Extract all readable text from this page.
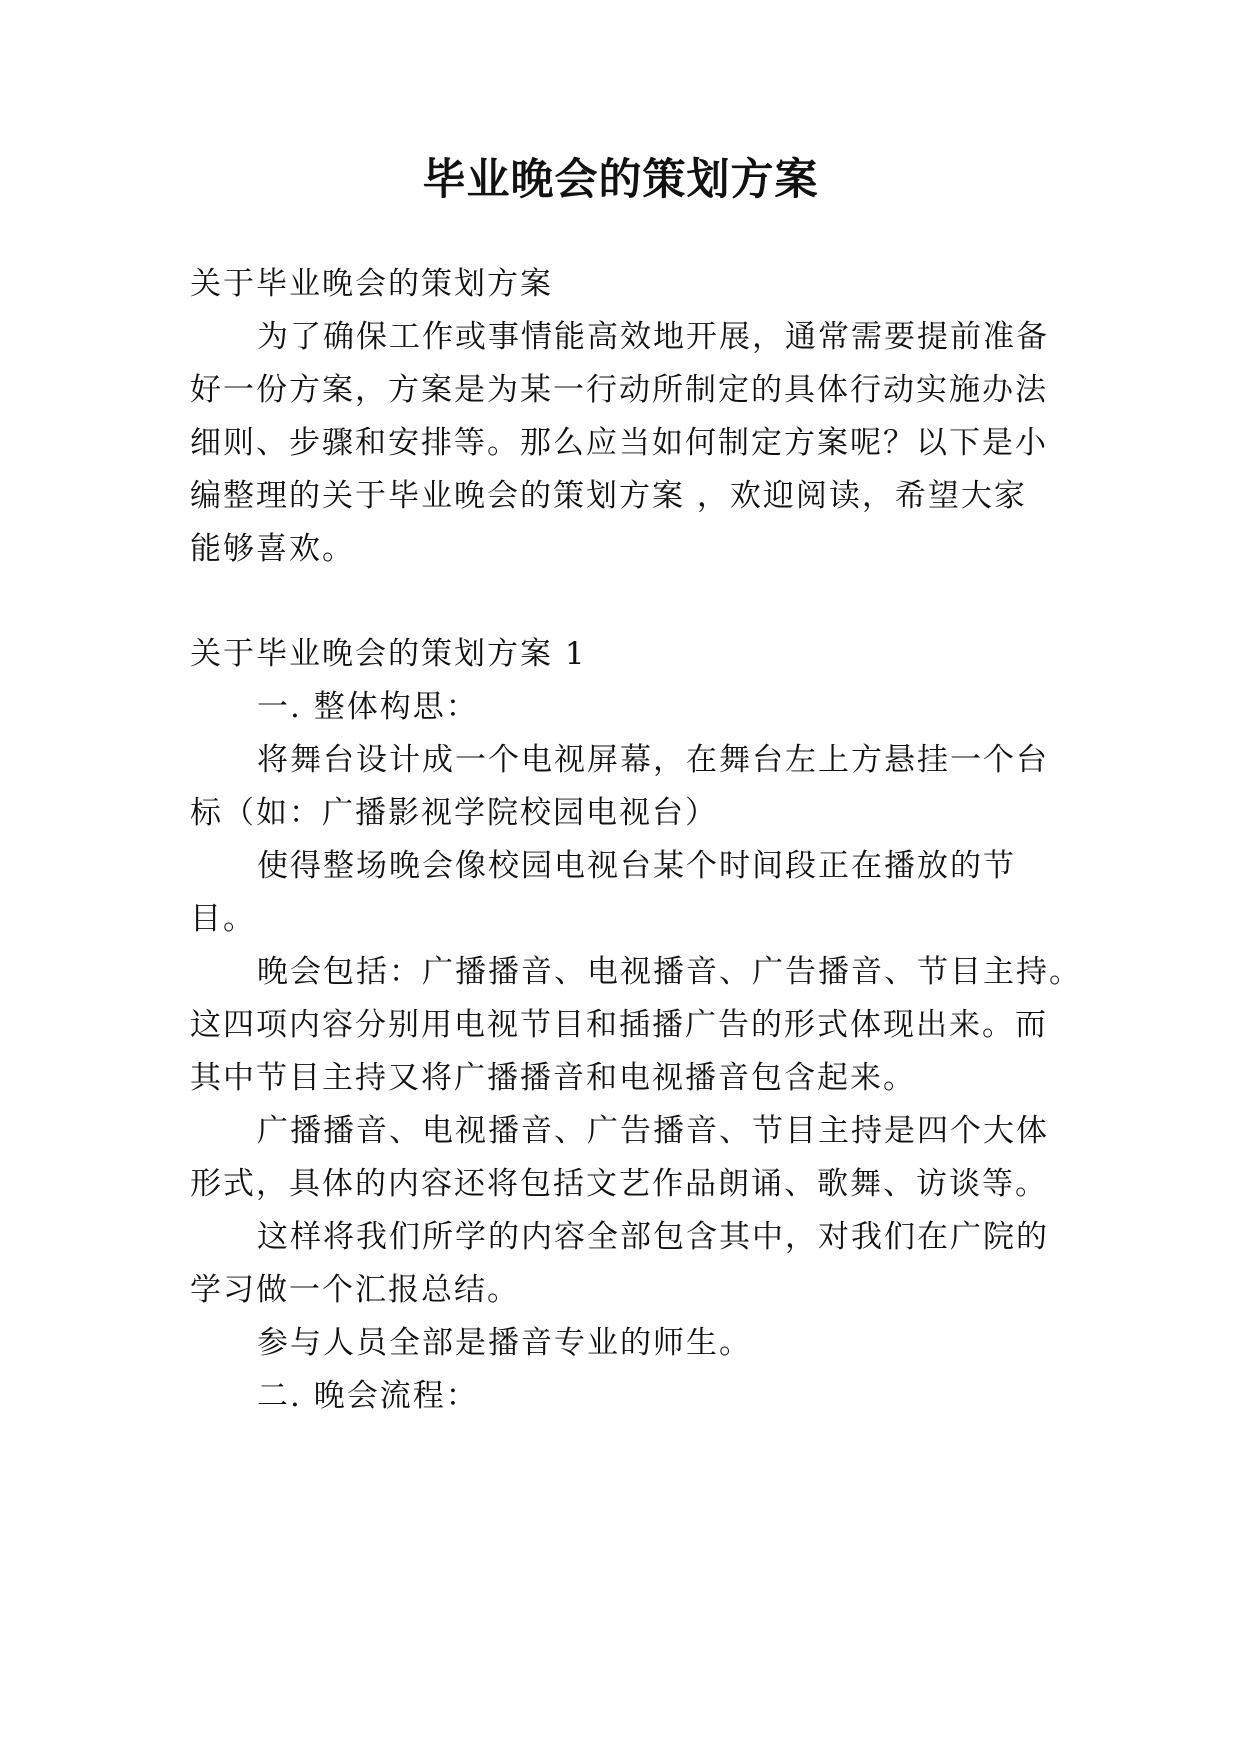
毕业晚会的策划方案
关于毕业晚会的策划方案
为了确保工作或事情能高效地开展，通常需要提前准备
好一份方案，方案是为某一行动所制定的具体行动实施办法
细则、步骤和安排等。那么应当如何制定方案呢？以下是小
编整理的关于毕业晚会的策划方案 ，欢迎阅读，希望大家
能够喜欢。
关于毕业晚会的策划方案 1
一. 整体构思：
将舞台设计成一个电视屏幕，在舞台左上方悬挂一个台
标（如：广播影视学院校园电视台）
使得整场晚会像校园电视台某个时间段正在播放的节
目。
晚会包括：广播播音、电视播音、广告播音、节目主持。
这四项内容分别用电视节目和插播广告的形式体现出来。而
其中节目主持又将广播播音和电视播音包含起来。
广播播音、电视播音、广告播音、节目主持是四个大体
形式，具体的内容还将包括文艺作品朗诵、歌舞、访谈等。
这样将我们所学的内容全部包含其中，对我们在广院的
学习做一个汇报总结。
参与人员全部是播音专业的师生。
二. 晚会流程：
